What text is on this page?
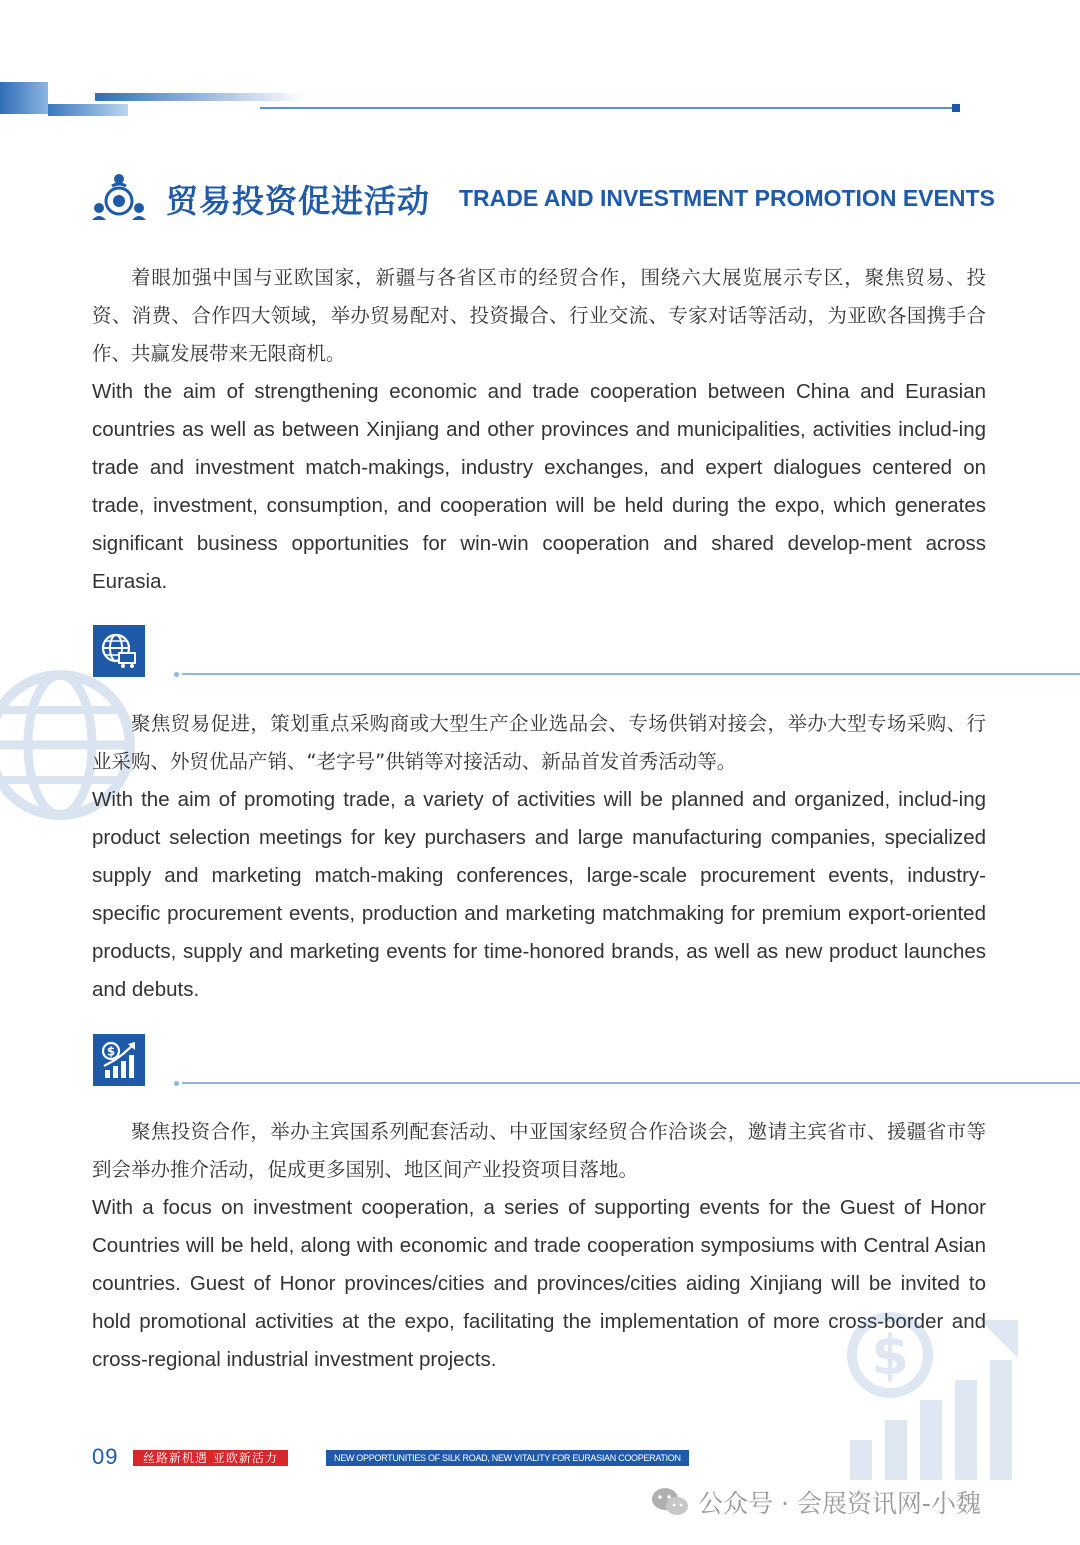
贸易投资促进活动 TRADE AND INVESTMENT PROMOTION EVENTS

着眼加强中国与亚欧国家，新疆与各省区市的经贸合作，围绕六大展览展示专区，聚焦贸易、投资、消费、合作四大领域，举办贸易配对、投资撮合、行业交流、专家对话等活动，为亚欧各国携手合作、共赢发展带来无限商机。

With the aim of strengthening economic and trade cooperation between China and Eurasian countries as well as between Xinjiang and other provinces and municipalities, activities includ-ing trade and investment match-makings, industry exchanges, and expert dialogues centered on trade, investment, consumption, and cooperation will be held during the expo, which generates significant business opportunities for win-win cooperation and shared develop-ment across Eurasia.

聚焦贸易促进，策划重点采购商或大型生产企业选品会、专场供销对接会，举办大型专场采购、行业采购、外贸优品产销、“老字号”供销等对接活动、新品首发首秀活动等。

With the aim of promoting trade, a variety of activities will be planned and organized, includ-ing product selection meetings for key purchasers and large manufacturing companies, specialized supply and marketing match-making conferences, large-scale procurement events, industry-specific procurement events, production and marketing matchmaking for premium export-oriented products, supply and marketing events for time-honored brands, as well as new product launches and debuts.

$

聚焦投资合作，举办主宾国系列配套活动、中亚国家经贸合作洽谈会，邀请主宾省市、援疆省市等到会举办推介活动，促成更多国别、地区间产业投资项目落地。

With a focus on investment cooperation, a series of supporting events for the Guest of Honor Countries will be held, along with economic and trade cooperation symposiums with Central Asian countries. Guest of Honor provinces/cities and provinces/cities aiding Xinjiang will be invited to hold promotional activities at the expo, facilitating the implementation of more cross-border and cross-regional industrial investment projects.	$
09	丝路新机遇 亚欧新活力	NEW OPPORTUNITIES OF SILK ROAD, NEW VITALITY FOR EURASIAN COOPERATION
公众号 · 会展资讯网-小魏
